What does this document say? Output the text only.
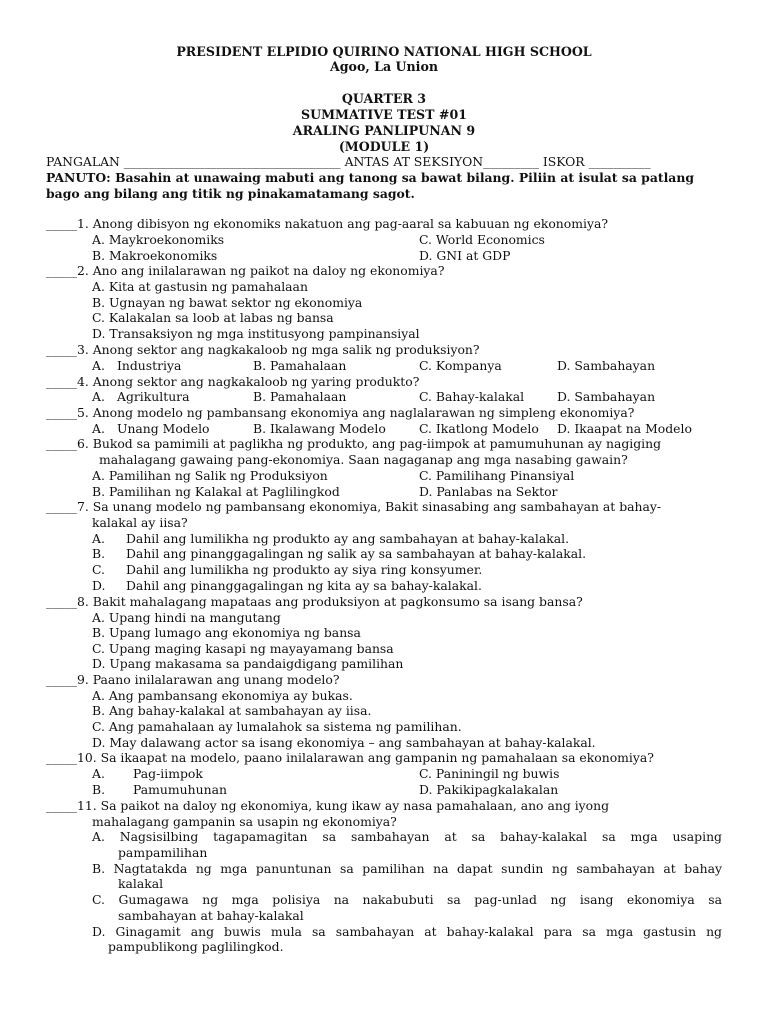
PRESIDENT ELPIDIO QUIRINO NATIONAL HIGH SCHOOL
Agoo, La Union
QUARTER 3
SUMMATIVE TEST #01
ARALING PANLIPUNAN 9
(MODULE 1)
PANGALAN ___________________________________ ANTAS AT SEKSIYON_________ ISKOR __________
PANUTO: Basahin at unawaing mabuti ang tanong sa bawat bilang. Piliin at isulat sa patlang
bago ang bilang ang titik ng pinakamatamang sagot.
_____1. Anong dibisyon ng ekonomiks nakatuon ang pag-aaral sa kabuuan ng ekonomiya?
A. Maykroekonomiks	C. World Economics
B. Makroekonomiks	D. GNI at GDP
_____2. Ano ang inilalarawan ng paikot na daloy ng ekonomiya?
A. Kita at gastusin ng pamahalaan
B. Ugnayan ng bawat sektor ng ekonomiya
C. Kalakalan sa loob at labas ng bansa
D. Transaksiyon ng mga institusyong pampinansiyal
_____3. Anong sektor ang nagkakaloob ng mga salik ng produksiyon?
A. Industriya	B. Pamahalaan	C. Kompanya	D. Sambahayan
_____4. Anong sektor ang nagkakaloob ng yaring produkto?
A. Agrikultura	B. Pamahalaan	C. Bahay-kalakal	D. Sambahayan
_____5. Anong modelo ng pambansang ekonomiya ang naglalarawan ng simpleng ekonomiya?
A. Unang Modelo	B. Ikalawang Modelo	C. Ikatlong Modelo D. Ikaapat na Modelo
_____6. Bukod sa pamimili at paglikha ng produkto, ang pag-iimpok at pamumuhunan ay nagiging
mahalagang gawaing pang-ekonomiya. Saan nagaganap ang mga nasabing gawain?
A. Pamilihan ng Salik ng Produksiyon	C. Pamilihang Pinansiyal
B. Pamilihan ng Kalakal at Paglilingkod	D. Panlabas na Sektor
_____7. Sa unang modelo ng pambansang ekonomiya, Bakit sinasabing ang sambahayan at bahay-
kalakal ay iisa?
A. Dahil ang lumilikha ng produkto ay ang sambahayan at bahay-kalakal.
B. Dahil ang pinanggagalingan ng salik ay sa sambahayan at bahay-kalakal.
C. Dahil ang lumilikha ng produkto ay siya ring konsyumer.
D. Dahil ang pinanggagalingan ng kita ay sa bahay-kalakal.
_____8. Bakit mahalagang mapataas ang produksiyon at pagkonsumo sa isang bansa?
A. Upang hindi na mangutang
B. Upang lumago ang ekonomiya ng bansa
C. Upang maging kasapi ng mayayamang bansa
D. Upang makasama sa pandaigdigang pamilihan
_____9. Paano inilalarawan ang unang modelo?
A. Ang pambansang ekonomiya ay bukas.
B. Ang bahay-kalakal at sambahayan ay iisa.
C. Ang pamahalaan ay lumalahok sa sistema ng pamilihan.
D. May dalawang actor sa isang ekonomiya – ang sambahayan at bahay-kalakal.
_____10. Sa ikaapat na modelo, paano inilalarawan ang gampanin ng pamahalaan sa ekonomiya?
A. Pag-iimpok	C. Paniningil ng buwis
B. Pamumuhunan	D. Pakikipagkalakalan
_____11. Sa paikot na daloy ng ekonomiya, kung ikaw ay nasa pamahalaan, ano ang iyong
mahalagang gampanin sa usapin ng ekonomiya?
A. Nagsisilbing tagapamagitan sa sambahayan at sa bahay-kalakal sa mga usaping
pampamilihan
B. Nagtatakda ng mga panuntunan sa pamilihan na dapat sundin ng sambahayan at bahay
kalakal
C. Gumagawa ng mga polisiya na nakabubuti sa pag-unlad ng isang ekonomiya sa
sambahayan at bahay-kalakal
D. Ginagamit ang buwis mula sa sambahayan at bahay-kalakal para sa mga gastusin ng
pampublikong paglilingkod.
